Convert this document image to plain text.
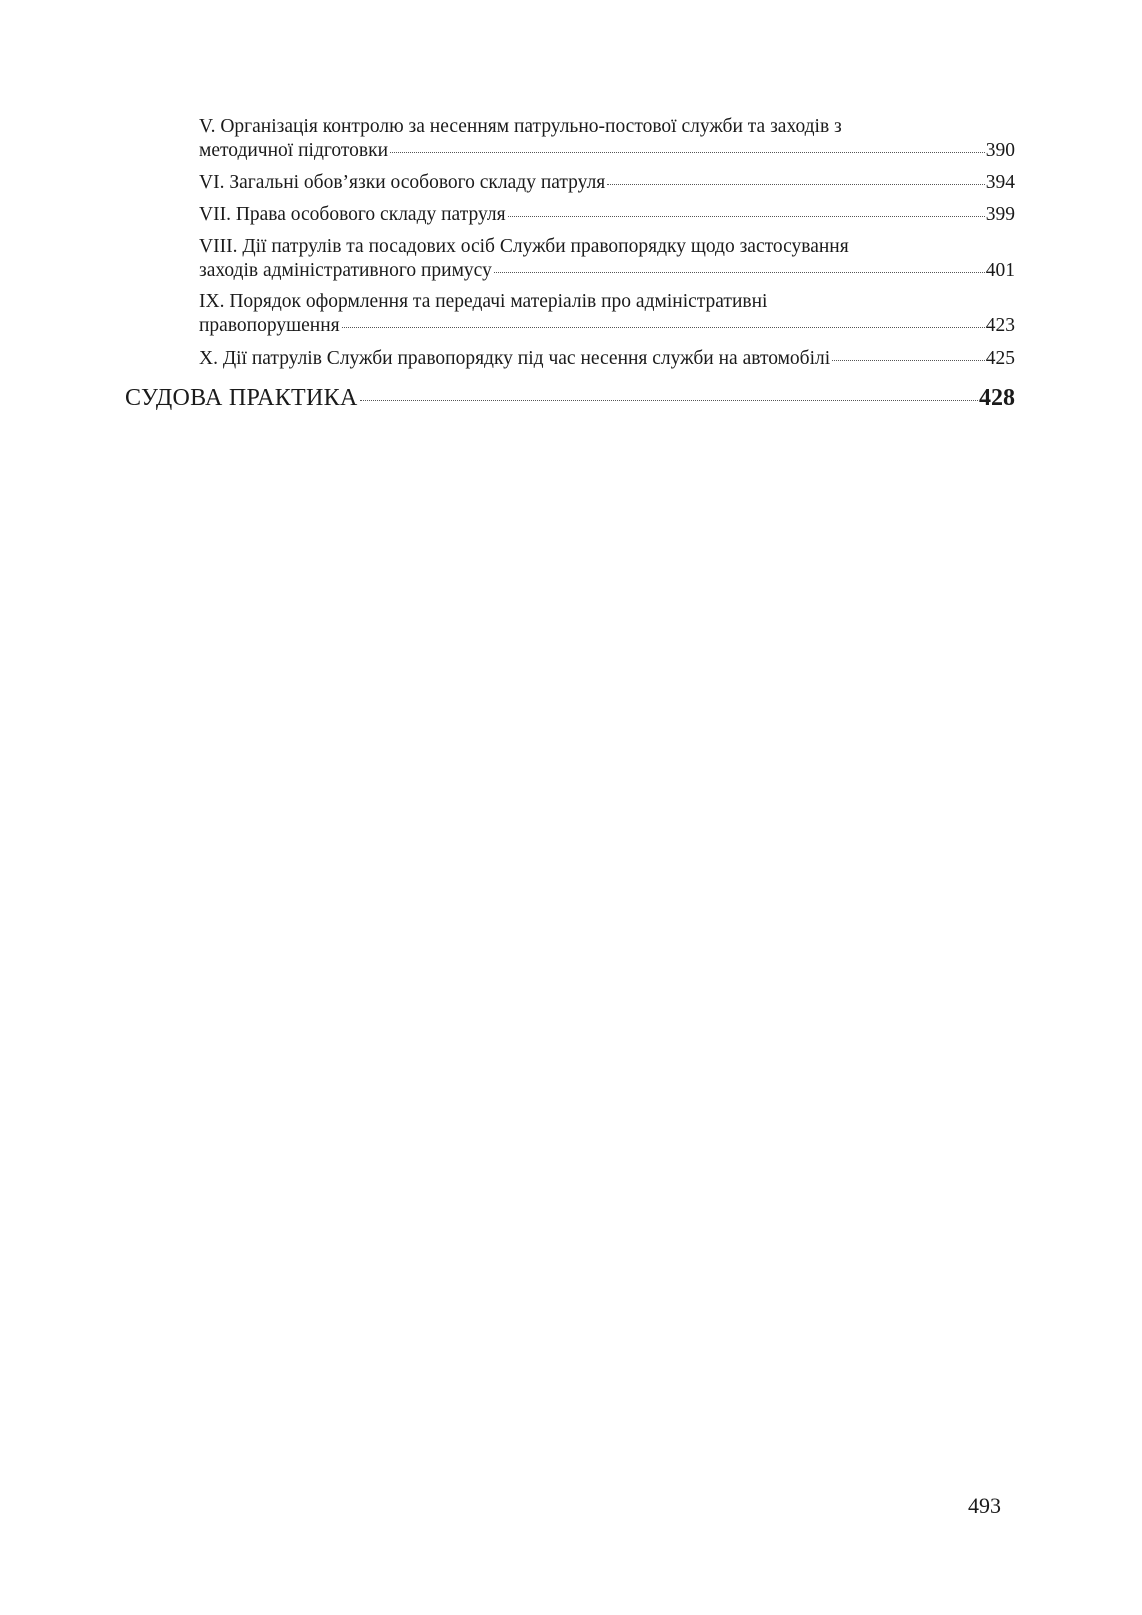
V. Організація контролю за несенням патрульно-постової служби та заходів з
методичної підготовки	390
VI. Загальні обов’язки особового складу патруля	394
VII. Права особового складу патруля	399
VIII. Дії патрулів та посадових осіб Служби правопорядку щодо застосування
заходів адміністративного примусу	401
IX. Порядок оформлення та передачі матеріалів про адміністративні
правопорушення	423
X. Дії патрулів Служби правопорядку під час несення служби на автомобілі	425
СУДОВА ПРАКТИКА	428
493
